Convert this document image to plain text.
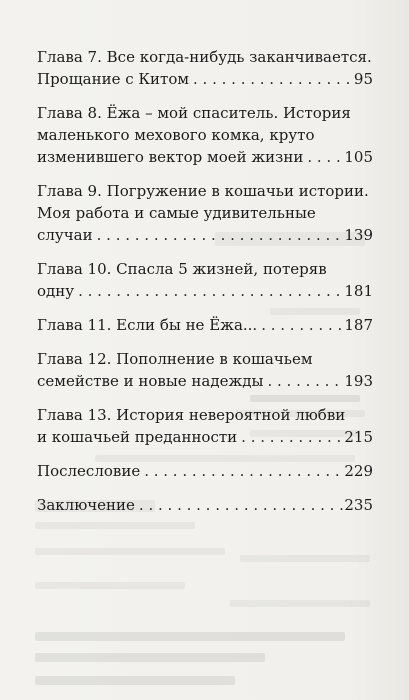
Глава 7. Все когда-нибудь заканчивается.
Прощание с Китом . . .	95
Глава 8. Ёжа – мой спаситель. История
маленького мехового комка, круто
изменившего вектор моей жизни . . .	105
Глава 9. Погружение в кошачьи истории.
Моя работа и самые удивительные
случаи . . .	139
Глава 10. Спасла 5 жизней, потеряв
одну . . .	181
Глава 11. Если бы не Ёжа... . . .	187
Глава 12. Пополнение в кошачьем
семействе и новые надежды . . .	193
Глава 13. История невероятной любви
и кошачьей преданности . . .	215
Послесловие . . .	229
Заключение . . .	235
